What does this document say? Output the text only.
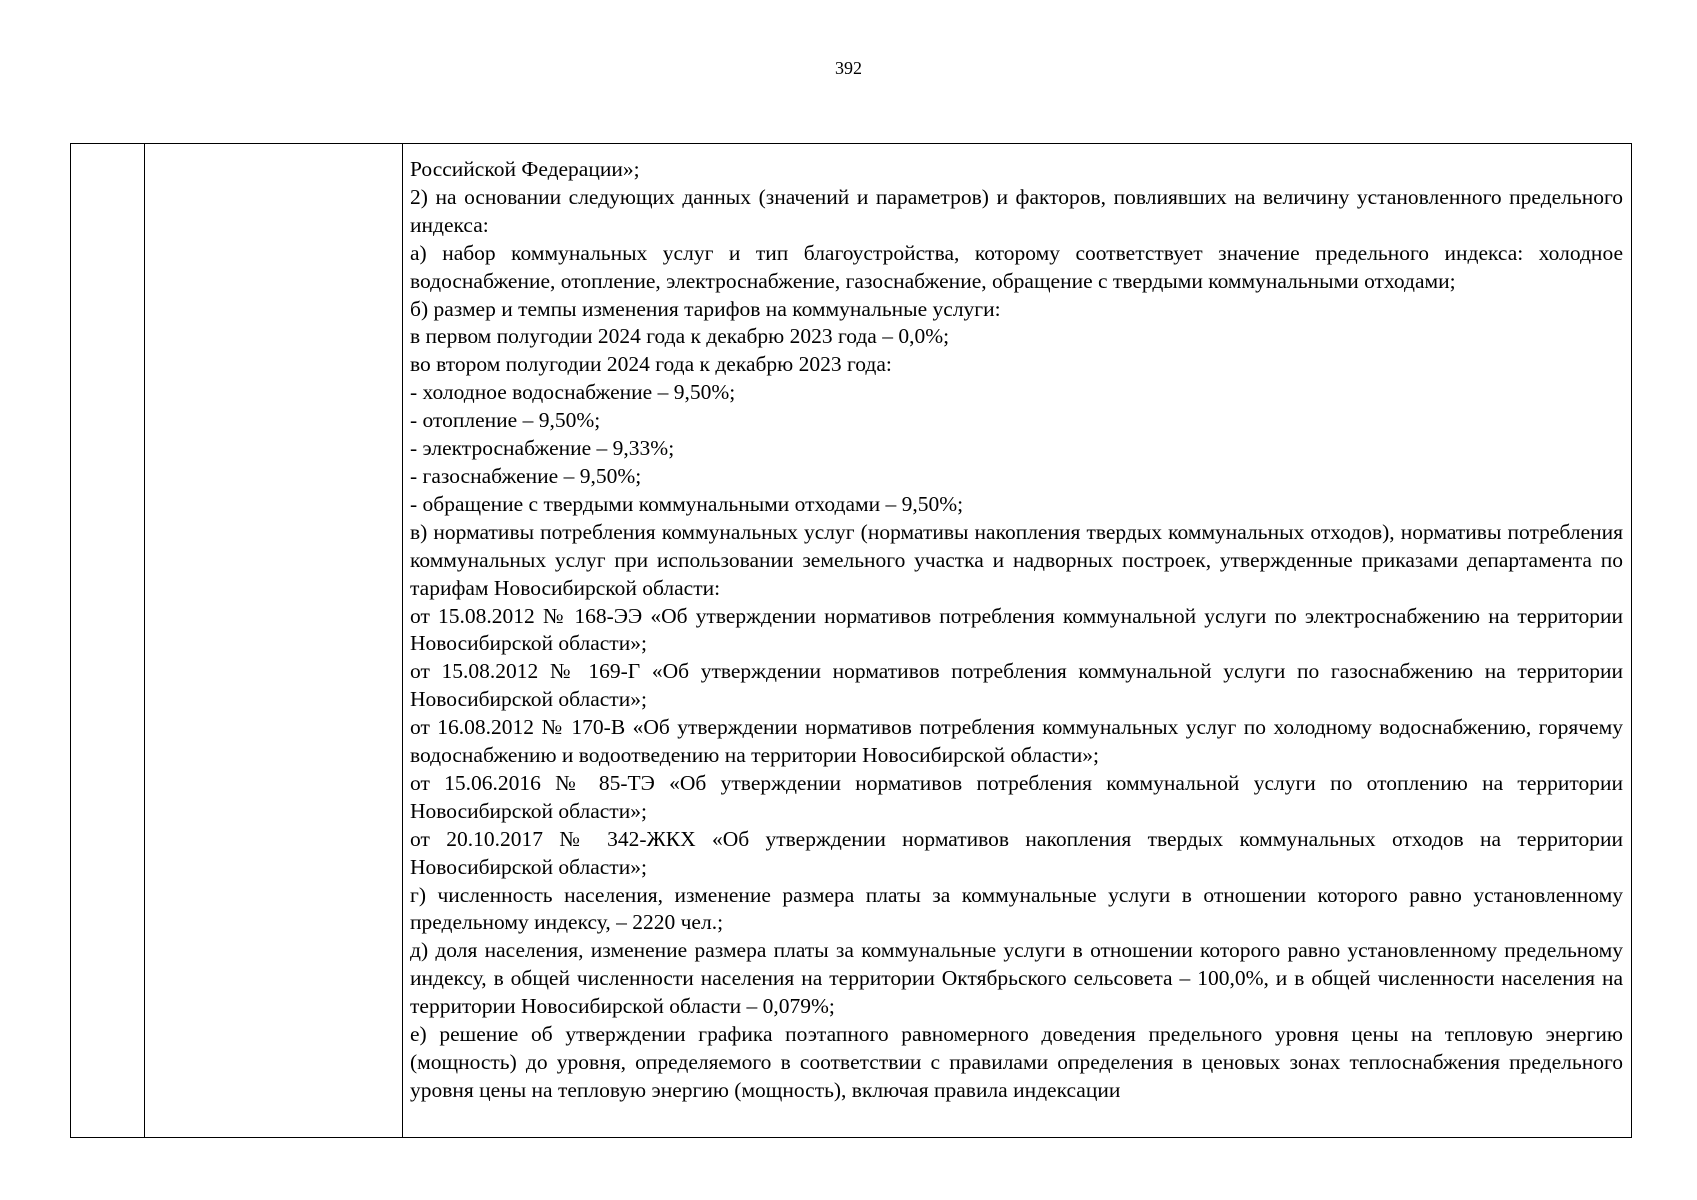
392

Российской Федерации»;

2) на основании следующих данных (значений и параметров) и факторов, повлиявших на величину установленного предельного индекса:

а) набор коммунальных услуг и тип благоустройства, которому соответствует значение предельного индекса: холодное водоснабжение, отопление, электроснабжение, газоснабжение, обращение с твердыми коммунальными отходами;

б) размер и темпы изменения тарифов на коммунальные услуги:

в первом полугодии 2024 года к декабрю 2023 года – 0,0%;

во втором полугодии 2024 года к декабрю 2023 года:

- холодное водоснабжение – 9,50%;

- отопление – 9,50%;

- электроснабжение – 9,33%;

- газоснабжение – 9,50%;

- обращение с твердыми коммунальными отходами – 9,50%;

в) нормативы потребления коммунальных услуг (нормативы накопления твердых коммунальных отходов), нормативы потребления коммунальных услуг при использовании земельного участка и надворных построек, утвержденные приказами департамента по тарифам Новосибирской области:

от 15.08.2012 № 168-ЭЭ «Об утверждении нормативов потребления коммунальной услуги по электроснабжению на территории Новосибирской области»;

от 15.08.2012 № 169-Г «Об утверждении нормативов потребления коммунальной услуги по газоснабжению на территории Новосибирской области»;

от 16.08.2012 № 170-В «Об утверждении нормативов потребления коммунальных услуг по холодному водоснабжению, горячему водоснабжению и водоотведению на территории Новосибирской области»;

от 15.06.2016 № 85-ТЭ «Об утверждении нормативов потребления коммунальной услуги по отоплению на территории Новосибирской области»;

от 20.10.2017 № 342-ЖКХ «Об утверждении нормативов накопления твердых коммунальных отходов на территории Новосибирской области»;

г) численность населения, изменение размера платы за коммунальные услуги в отношении которого равно установленному предельному индексу, – 2220 чел.;

д) доля населения, изменение размера платы за коммунальные услуги в отношении которого равно установленному предельному индексу, в общей численности населения на территории Октябрьского сельсовета – 100,0%, и в общей численности населения на территории Новосибирской области – 0,079%;

е) решение об утверждении графика поэтапного равномерного доведения предельного уровня цены на тепловую энергию (мощность) до уровня, определяемого в соответствии с правилами определения в ценовых зонах теплоснабжения предельного уровня цены на тепловую энергию (мощность), включая правила индексации
